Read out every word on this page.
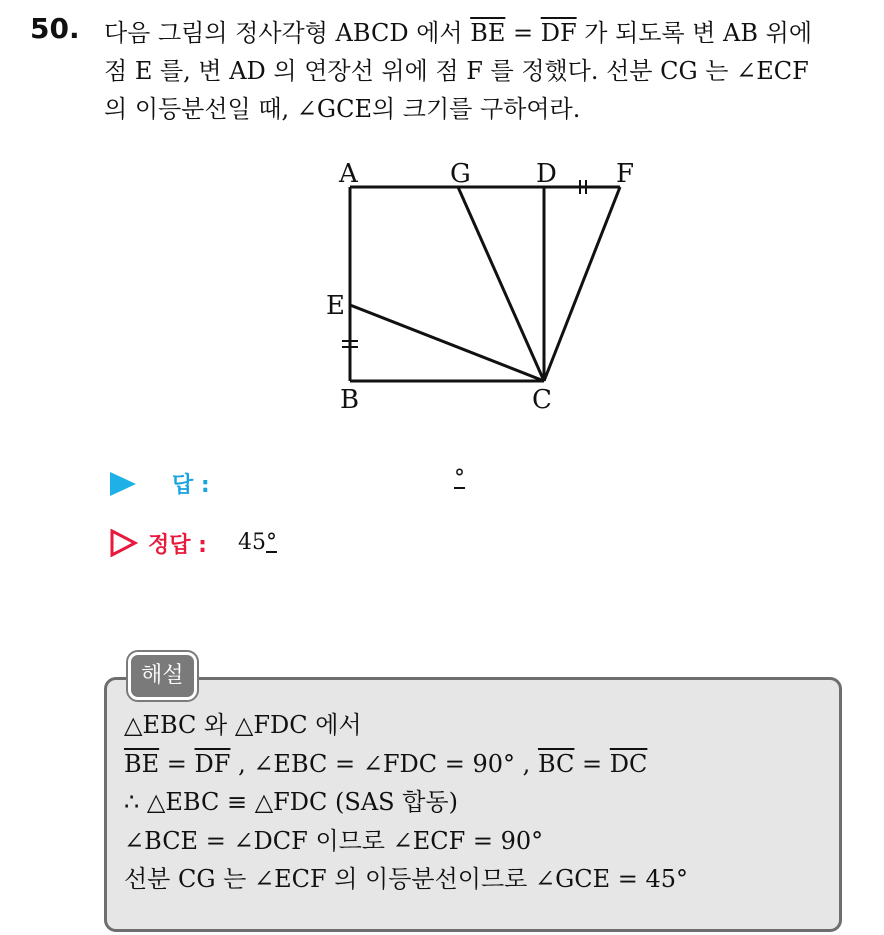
50. 다음 그림의 정사각형 ABCD 에서 $\overline{BE} = \overline{DF}$ 가 되도록 변 AB 위에
점 E 를, 변 AD 의 연장선 위에 점 F 를 정했다. 선분 CG 는 ∠ECF
의 이등분선일 때, ∠GCE의 크기를 구하여라.
A	G	D F
E
B	C
답 :	°
정답 : 45°
해설
△EBC 와 △FDC 에서
$\overline{BE} = \overline{DF}$ , ∠EBC = ∠FDC = 90° , $\overline{BC} = \overline{DC}$
∴ △EBC ≡ △FDC (SAS 합동)
∠BCE = ∠DCF 이므로 ∠ECF = 90°
선분 CG 는 ∠ECF 의 이등분선이므로 ∠GCE = 45°
